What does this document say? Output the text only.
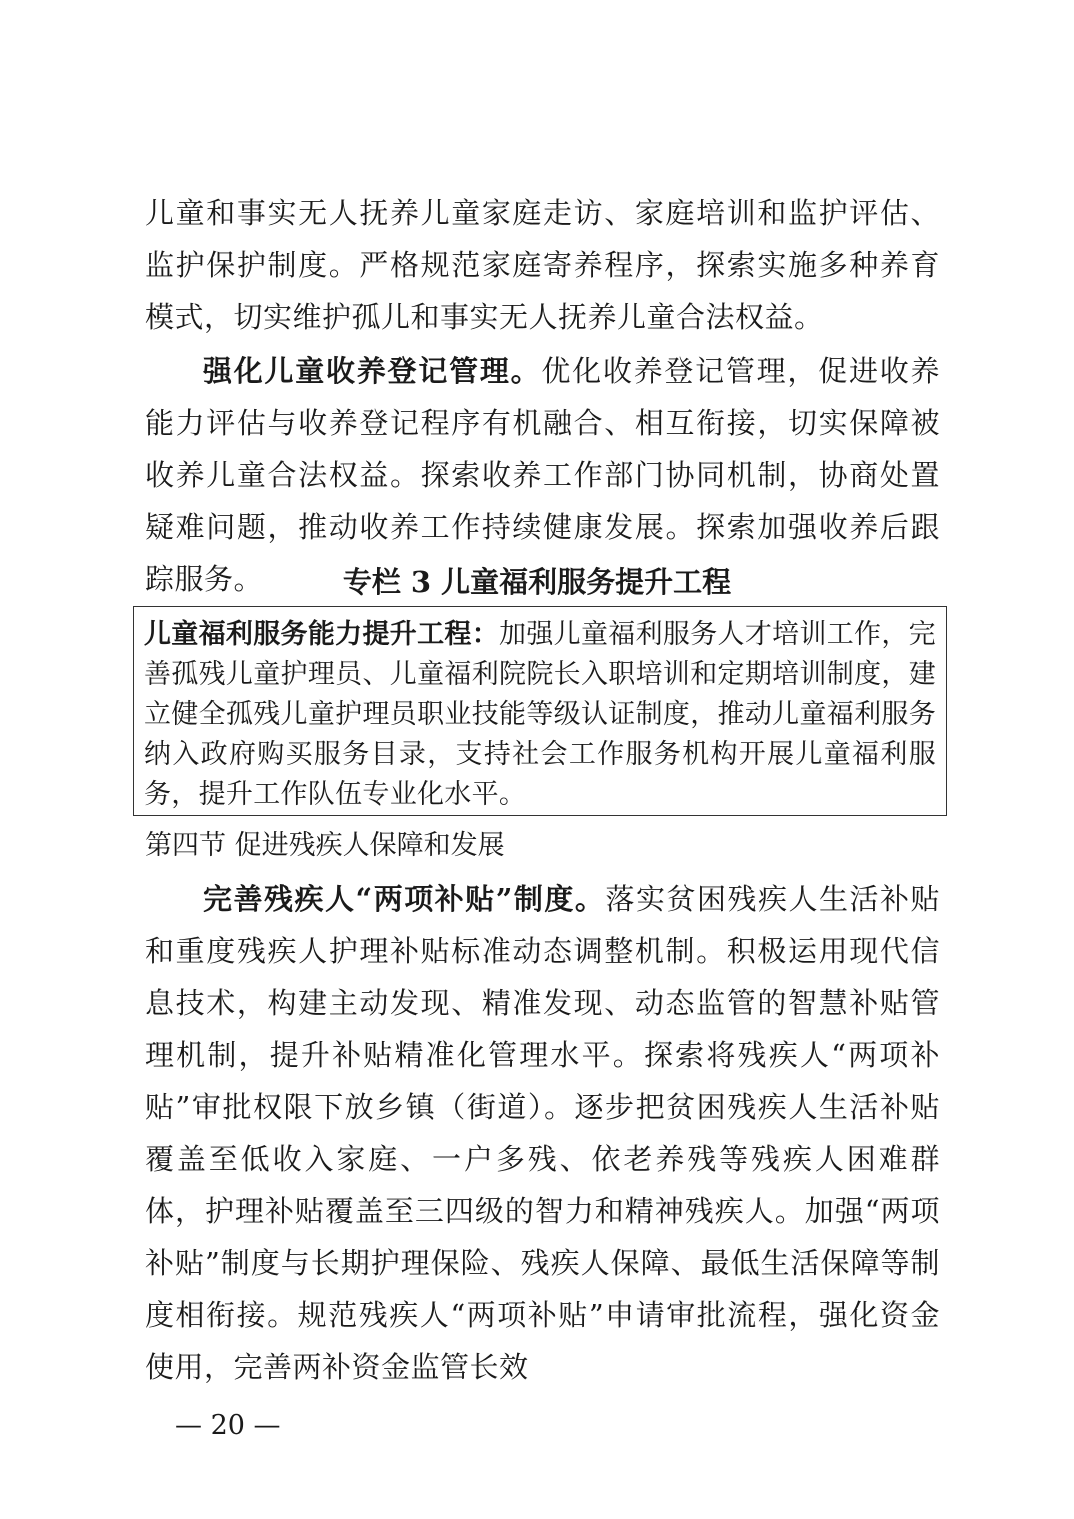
儿童和事实无人抚养儿童家庭走访、家庭培训和监护评估、监护保护制度。严格规范家庭寄养程序，探索实施多种养育模式，切实维护孤儿和事实无人抚养儿童合法权益。

强化儿童收养登记管理。优化收养登记管理，促进收养能力评估与收养登记程序有机融合、相互衔接，切实保障被收养儿童合法权益。探索收养工作部门协同机制，协商处置疑难问题，推动收养工作持续健康发展。探索加强收养后跟踪服务。	专栏 3 儿童福利服务提升工程

儿童福利服务能力提升工程：加强儿童福利服务人才培训工作，完善孤残儿童护理员、儿童福利院院长入职培训和定期培训制度，建立健全孤残儿童护理员职业技能等级认证制度，推动儿童福利服务纳入政府购买服务目录，支持社会工作服务机构开展儿童福利服务，提升工作队伍专业化水平。

第四节 促进残疾人保障和发展

完善残疾人“两项补贴”制度。落实贫困残疾人生活补贴和重度残疾人护理补贴标准动态调整机制。积极运用现代信息技术，构建主动发现、精准发现、动态监管的智慧补贴管理机制，提升补贴精准化管理水平。探索将残疾人“两项补贴”审批权限下放乡镇（街道）。逐步把贫困残疾人生活补贴覆盖至低收入家庭、一户多残、依老养残等残疾人困难群体，护理补贴覆盖至三四级的智力和精神残疾人。加强“两项补贴”制度与长期护理保险、残疾人保障、最低生活保障等制度相衔接。规范残疾人“两项补贴”申请审批流程，强化资金使用，完善两补资金监管长效

— 20 —
